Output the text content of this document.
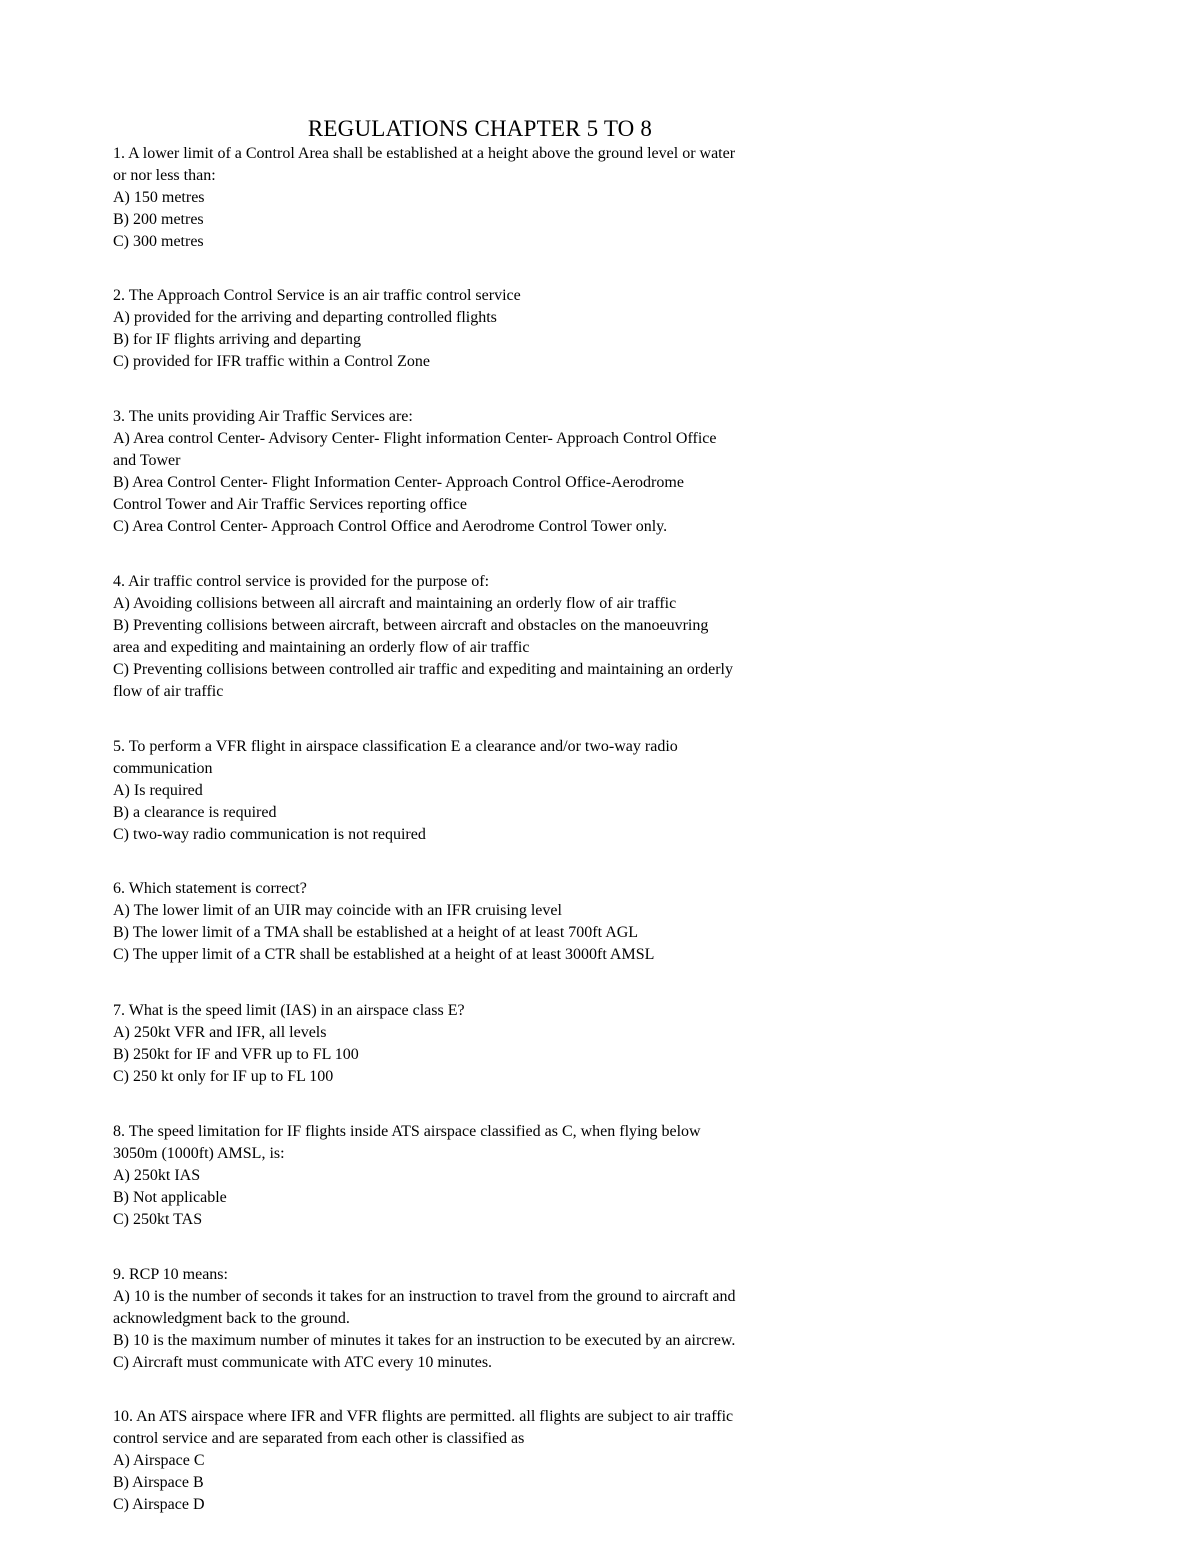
REGULATIONS CHAPTER 5 TO 8
1. A lower limit of a Control Area shall be established at a height above the ground level or water
or nor less than:
A) 150 metres
B) 200 metres
C) 300 metres
2. The Approach Control Service is an air traffic control service
A) provided for the arriving and departing controlled flights
B) for IF flights arriving and departing
C) provided for IFR traffic within a Control Zone
3. The units providing Air Traffic Services are:
A) Area control Center- Advisory Center- Flight information Center- Approach Control Office
and Tower
B) Area Control Center- Flight Information Center- Approach Control Office-Aerodrome
Control Tower and Air Traffic Services reporting office
C) Area Control Center- Approach Control Office and Aerodrome Control Tower only.
4. Air traffic control service is provided for the purpose of:
A) Avoiding collisions between all aircraft and maintaining an orderly flow of air traffic
B) Preventing collisions between aircraft, between aircraft and obstacles on the manoeuvring
area and expediting and maintaining an orderly flow of air traffic
C) Preventing collisions between controlled air traffic and expediting and maintaining an orderly
flow of air traffic
5. To perform a VFR flight in airspace classification E a clearance and/or two-way radio
communication
A) Is required
B) a clearance is required
C) two-way radio communication is not required
6. Which statement is correct?
A) The lower limit of an UIR may coincide with an IFR cruising level
B) The lower limit of a TMA shall be established at a height of at least 700ft AGL
C) The upper limit of a CTR shall be established at a height of at least 3000ft AMSL
7. What is the speed limit (IAS) in an airspace class E?
A) 250kt VFR and IFR, all levels
B) 250kt for IF and VFR up to FL 100
C) 250 kt only for IF up to FL 100
8. The speed limitation for IF flights inside ATS airspace classified as C, when flying below
3050m (1000ft) AMSL, is:
A) 250kt IAS
B) Not applicable
C) 250kt TAS
9. RCP 10 means:
A) 10 is the number of seconds it takes for an instruction to travel from the ground to aircraft and
acknowledgment back to the ground.
B) 10 is the maximum number of minutes it takes for an instruction to be executed by an aircrew.
C) Aircraft must communicate with ATC every 10 minutes.
10. An ATS airspace where IFR and VFR flights are permitted. all flights are subject to air traffic
control service and are separated from each other is classified as
A) Airspace C
B) Airspace B
C) Airspace D
